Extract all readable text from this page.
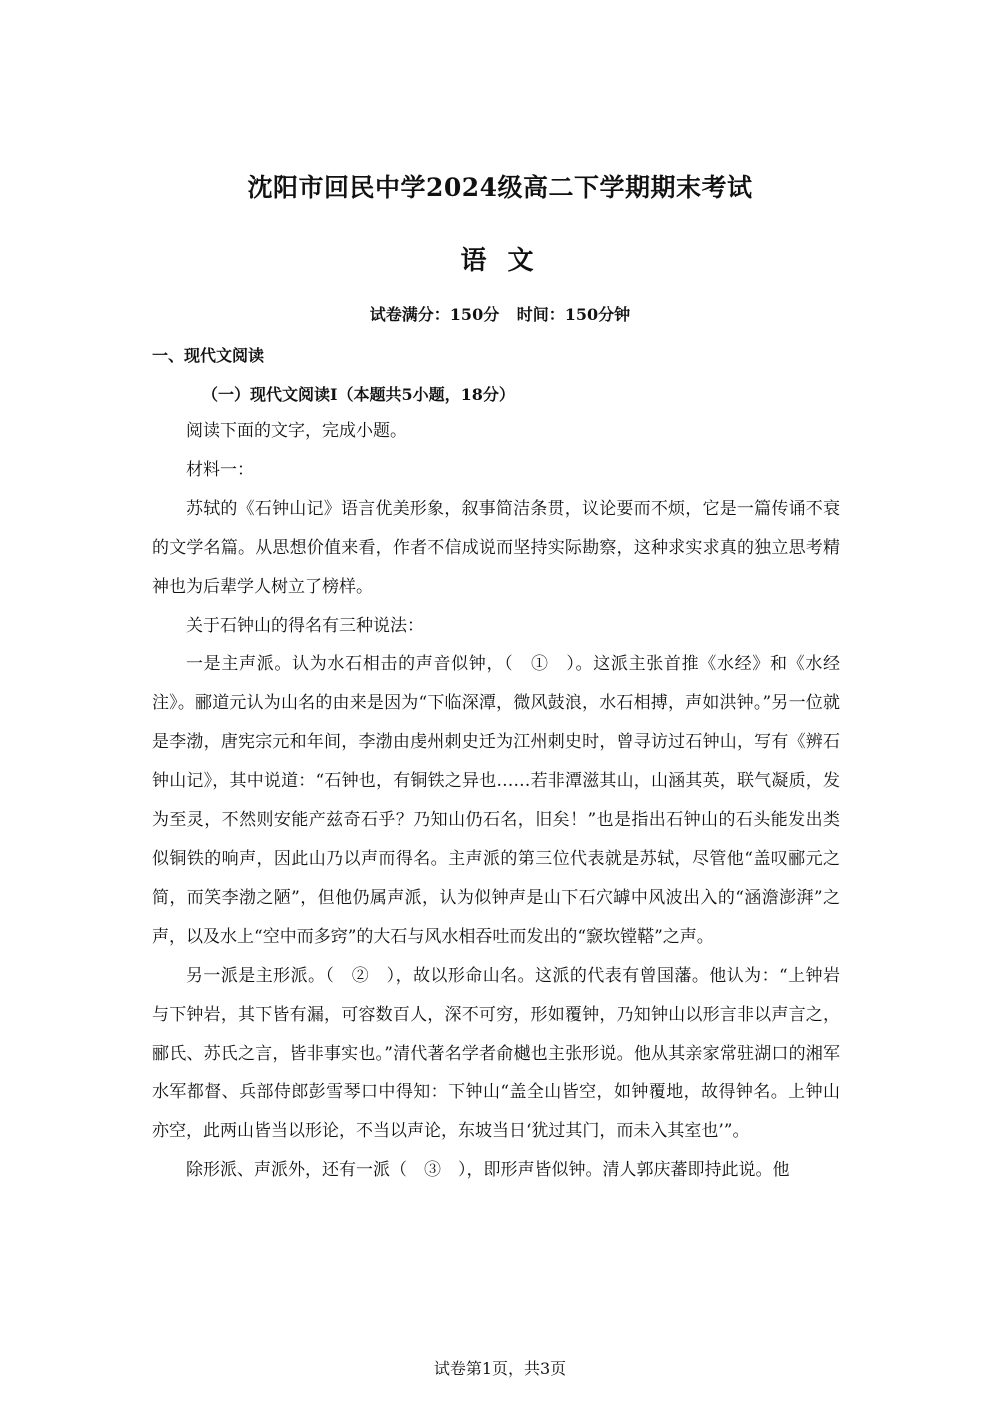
沈阳市回民中学2024级高二下学期期末考试
语 文
试卷满分：150分 时间：150分钟
一、现代文阅读
（一）现代文阅读Ⅰ（本题共5小题，18分）

阅读下面的文字，完成小题。

材料一：

苏轼的《石钟山记》语言优美形象，叙事简洁条贯，议论要而不烦，它是一篇传诵不衰的文学名篇。从思想价值来看，作者不信成说而坚持实际勘察，这种求实求真的独立思考精神也为后辈学人树立了榜样。

关于石钟山的得名有三种说法：

一是主声派。认为水石相击的声音似钟，（　①　）。这派主张首推《水经》和《水经注》。郦道元认为山名的由来是因为“下临深潭，微风鼓浪，水石相搏，声如洪钟。”另一位就是李渤，唐宪宗元和年间，李渤由虔州刺史迁为江州刺史时，曾寻访过石钟山，写有《辨石钟山记》，其中说道：“石钟也，有铜铁之异也……若非潭滋其山，山涵其英，联气凝质，发为至灵，不然则安能产兹奇石乎？乃知山仍石名，旧矣！”也是指出石钟山的石头能发出类似铜铁的响声，因此山乃以声而得名。主声派的第三位代表就是苏轼，尽管他“盖叹郦元之简，而笑李渤之陋”，但他仍属声派，认为似钟声是山下石穴罅中风波出入的“涵澹澎湃”之声，以及水上“空中而多窍”的大石与风水相吞吐而发出的“窾坎镗鞳”之声。

另一派是主形派。（　②　），故以形命山名。这派的代表有曾国藩。他认为：“上钟岩与下钟岩，其下皆有漏，可容数百人，深不可穷，形如覆钟，乃知钟山以形言非以声言之，郦氏、苏氏之言，皆非事实也。”清代著名学者俞樾也主张形说。他从其亲家常驻湖口的湘军水军都督、兵部侍郎彭雪琴口中得知：下钟山“盖全山皆空，如钟覆地，故得钟名。上钟山亦空，此两山皆当以形论，不当以声论，东坡当日‘犹过其门，而未入其室也’”。

除形派、声派外，还有一派（　③　），即形声皆似钟。清人郭庆蕃即持此说。他

试卷第1页，共3页
